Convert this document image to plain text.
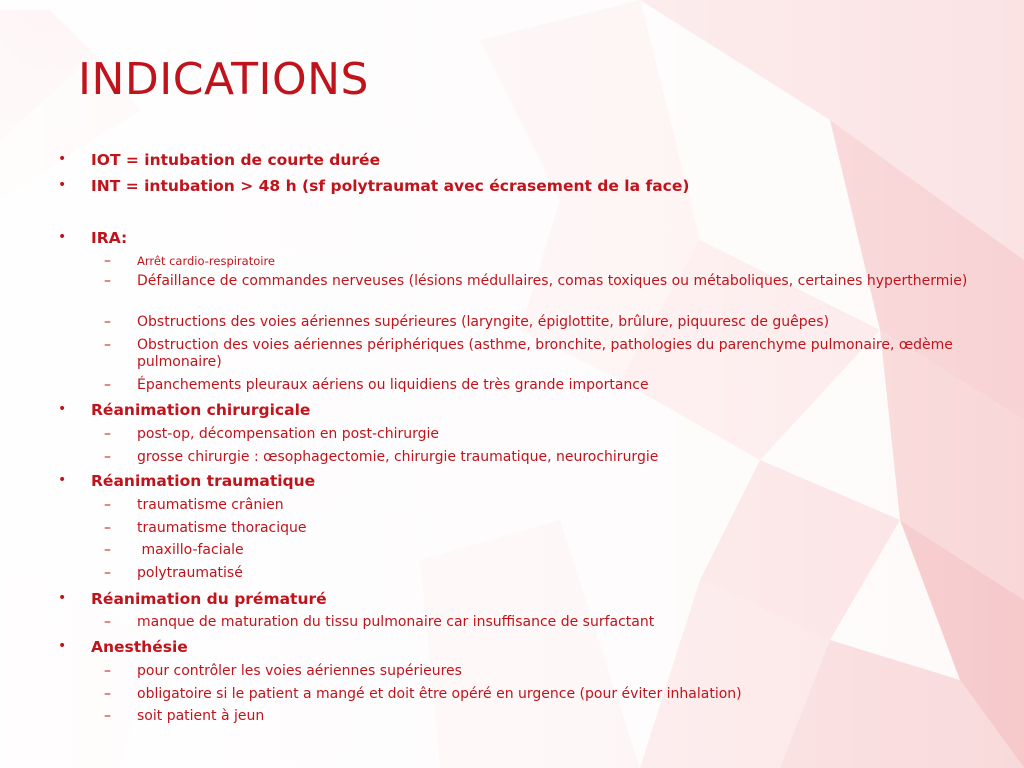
INDICATIONS
• IOT = intubation de courte durée
• INT = intubation > 48 h (sf polytraumat avec écrasement de la face)
• IRA:
– Arrêt cardio-respiratoire
– Défaillance de commandes nerveuses (lésions médullaires, comas toxiques ou métaboliques, certaines hyperthermie)
– Obstructions des voies aériennes supérieures (laryngite, épiglottite, brûlure, piquuresc de guêpes)
– Obstruction des voies aériennes périphériques (asthme, bronchite, pathologies du parenchyme pulmonaire, œdème pulmonaire)
– Épanchements pleuraux aériens ou liquidiens de très grande importance
• Réanimation chirurgicale
– post-op, décompensation en post-chirurgie
– grosse chirurgie : œsophagectomie, chirurgie traumatique, neurochirurgie
• Réanimation traumatique
– traumatisme crânien
– traumatisme thoracique
– maxillo-faciale
– polytraumatisé
• Réanimation du prématuré
– manque de maturation du tissu pulmonaire car insuffisance de surfactant
• Anesthésie
– pour contrôler les voies aériennes supérieures
– obligatoire si le patient a mangé et doit être opéré en urgence (pour éviter inhalation)
– soit patient à jeun
